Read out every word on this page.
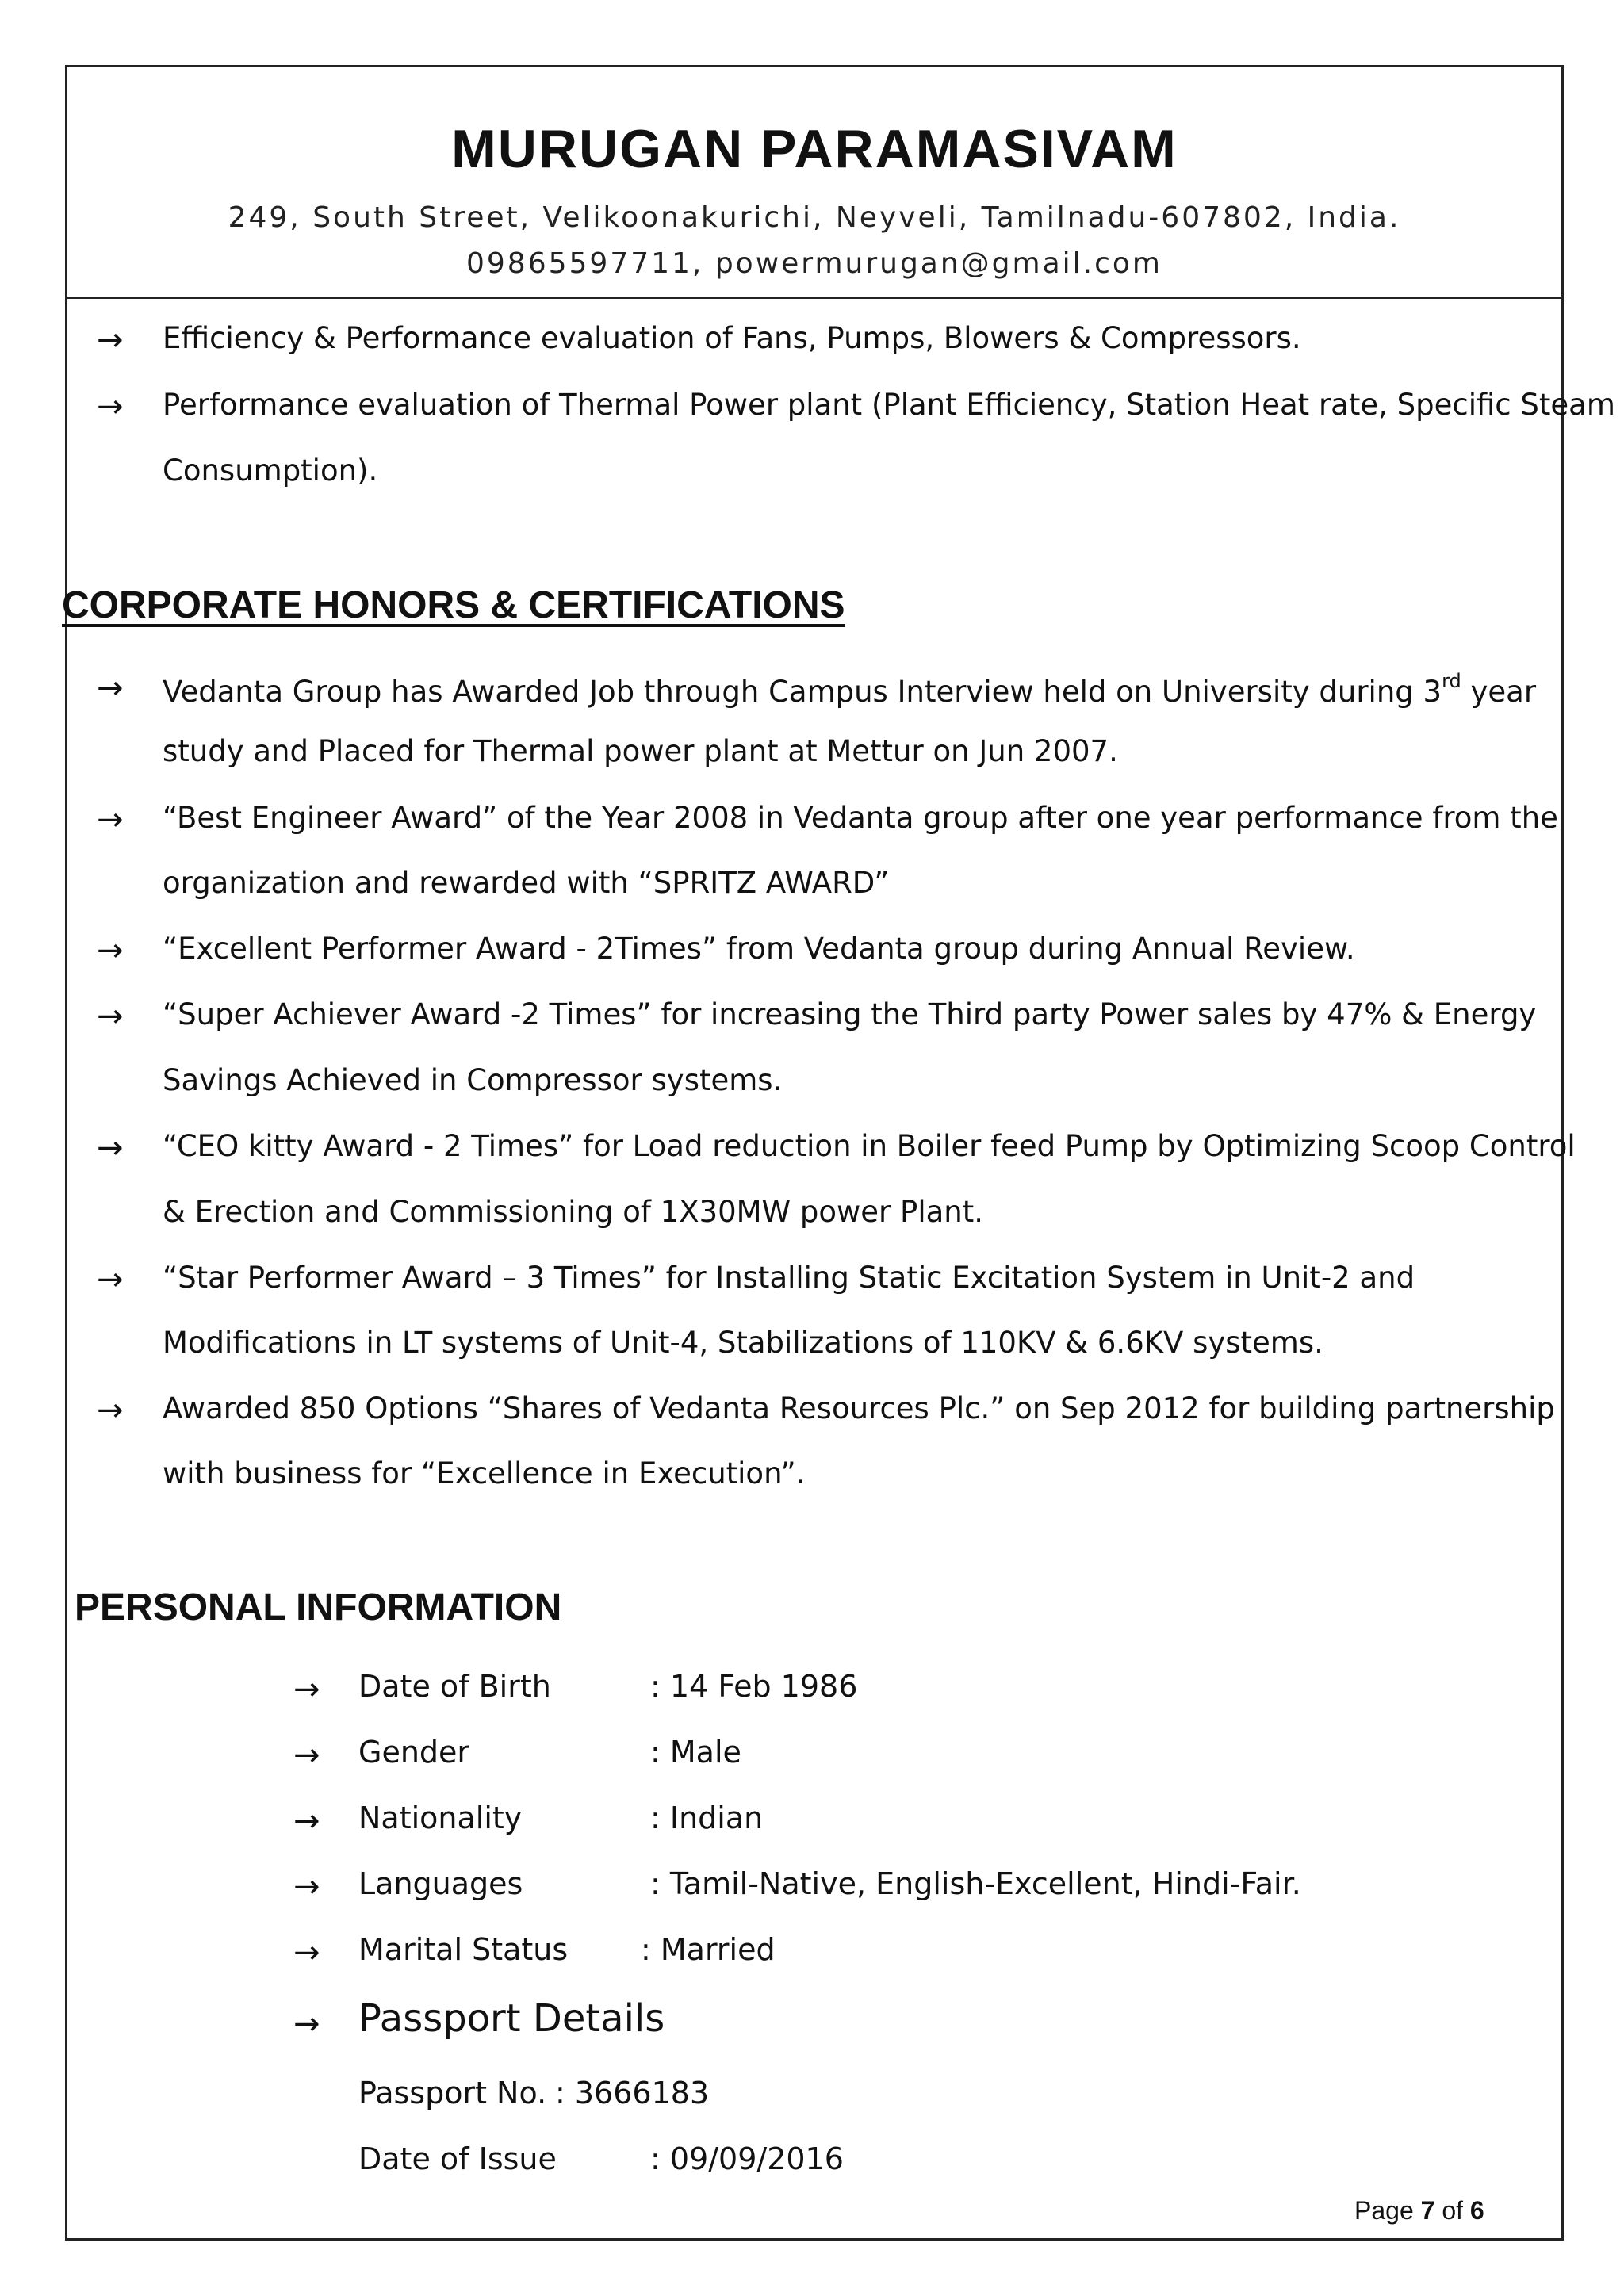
MURUGAN PARAMASIVAM
249, South Street, Velikoonakurichi, Neyveli, Tamilnadu-607802, India.
09865597711, powermurugan@gmail.com
→ Efficiency & Performance evaluation of Fans, Pumps, Blowers & Compressors.
→ Performance evaluation of Thermal Power plant (Plant Efficiency, Station Heat rate, Specific Steam
Consumption).
CORPORATE HONORS & CERTIFICATIONS
→ Vedanta Group has Awarded Job through Campus Interview held on University during 3rd year
study and Placed for Thermal power plant at Mettur on Jun 2007.
→ “Best Engineer Award” of the Year 2008 in Vedanta group after one year performance from the
organization and rewarded with “SPRITZ AWARD”
→ “Excellent Performer Award - 2Times” from Vedanta group during Annual Review.
→ “Super Achiever Award -2 Times” for increasing the Third party Power sales by 47% & Energy
Savings Achieved in Compressor systems.
→ “CEO kitty Award - 2 Times” for Load reduction in Boiler feed Pump by Optimizing Scoop Control
& Erection and Commissioning of 1X30MW power Plant.
→ “Star Performer Award – 3 Times” for Installing Static Excitation System in Unit-2 and
Modifications in LT systems of Unit-4, Stabilizations of 110KV & 6.6KV systems.
→ Awarded 850 Options “Shares of Vedanta Resources Plc.” on Sep 2012 for building partnership
with business for “Excellence in Execution”.
PERSONAL INFORMATION
→ Date of Birth	: 14 Feb 1986
→ Gender	: Male
→ Nationality	: Indian
→ Languages	: Tamil-Native, English-Excellent, Hindi-Fair.
→ Marital Status : Married
→ Passport Details
Passport No. : 3666183
Date of Issue	: 09/09/2016
Page 7 of 6
